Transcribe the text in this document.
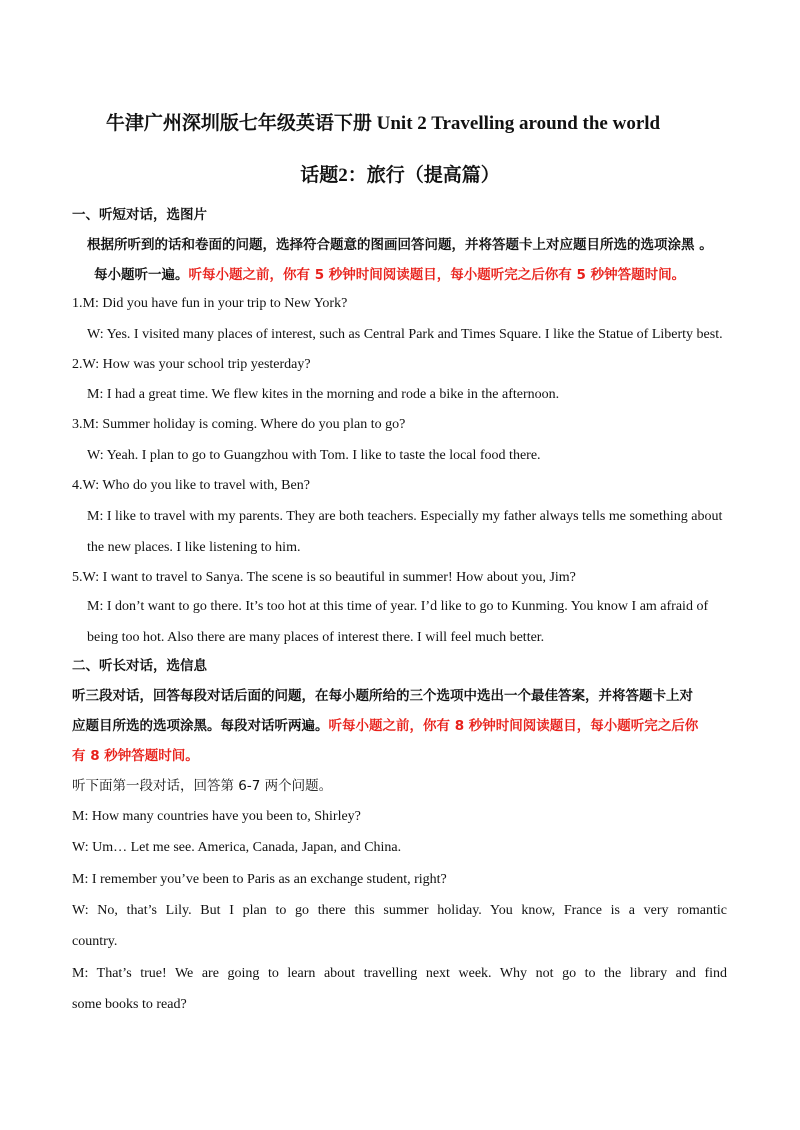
牛津广州深圳版七年级英语下册 Unit 2 Travelling around the world
话题2：旅行（提高篇）
一、听短对话，选图片
根据所听到的话和卷面的问题，选择符合题意的图画回答问题，并将答题卡上对应题目所选的选项涂黑 。
每小题听一遍。听每小题之前，你有 5 秒钟时间阅读题目，每小题听完之后你有 5 秒钟答题时间。
1.M: Did you have fun in your trip to New York?
W: Yes. I visited many places of interest, such as Central Park and Times Square. I like the Statue of Liberty best.
2.W: How was your school trip yesterday?
M: I had a great time. We flew kites in the morning and rode a bike in the afternoon.
3.M: Summer holiday is coming. Where do you plan to go?
W: Yeah. I plan to go to Guangzhou with Tom. I like to taste the local food there.
4.W: Who do you like to travel with, Ben?
M: I like to travel with my parents. They are both teachers. Especially my father always tells me something about
the new places. I like listening to him.
5.W: I want to travel to Sanya. The scene is so beautiful in summer! How about you, Jim?
M: I don’t want to go there. It’s too hot at this time of year. I’d like to go to Kunming. You know I am afraid of
being too hot. Also there are many places of interest there. I will feel much better.
二、听长对话，选信息
听三段对话，回答每段对话后面的问题，在每小题所给的三个选项中选出一个最佳答案，并将答题卡上对
应题目所选的选项涂黑。每段对话听两遍。听每小题之前，你有 8 秒钟时间阅读题目，每小题听完之后你
有 8 秒钟答题时间。
听下面第一段对话，回答第 6-7 两个问题。
M: How many countries have you been to, Shirley?
W: Um… Let me see. America, Canada, Japan, and China.
M: I remember you’ve been to Paris as an exchange student, right?
W: No, that’s Lily. But I plan to go there this summer holiday. You know, France is a very romantic
country.
M: That’s true! We are going to learn about travelling next week. Why not go to the library and find
some books to read?
